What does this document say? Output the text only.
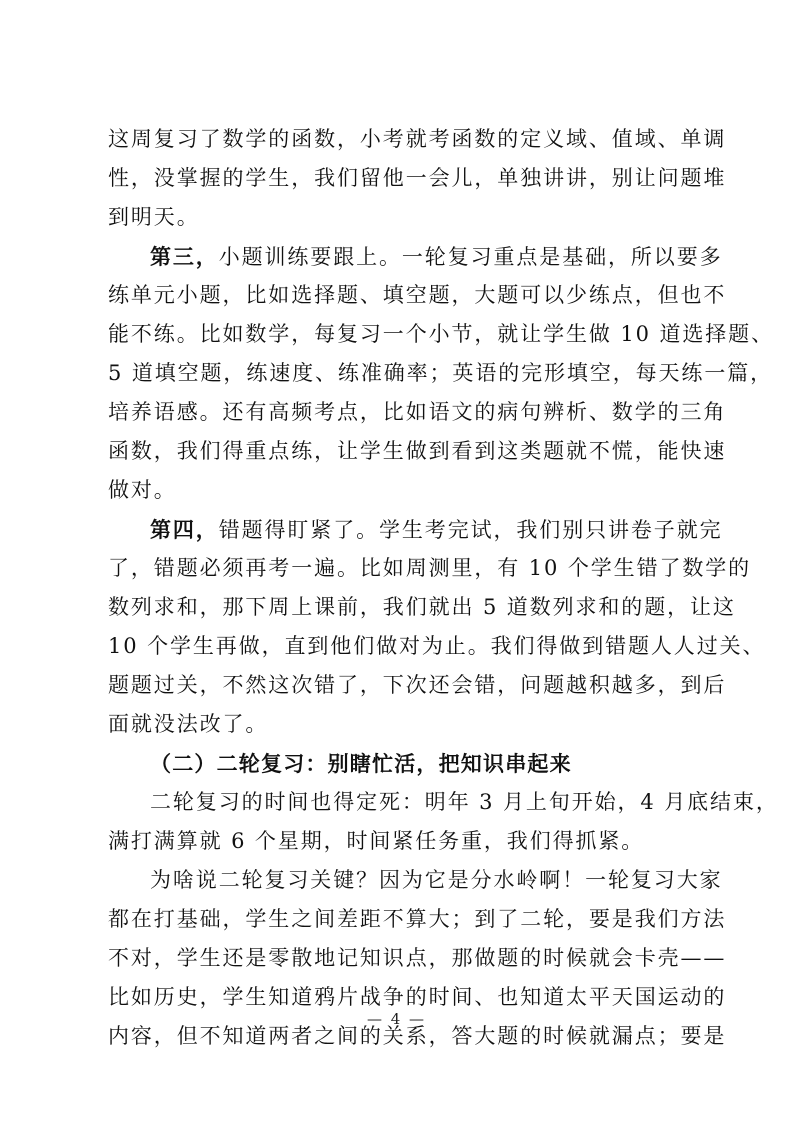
这周复习了数学的函数，小考就考函数的定义域、值域、单调
性，没掌握的学生，我们留他一会儿，单独讲讲，别让问题堆
到明天。
第三，小题训练要跟上。一轮复习重点是基础，所以要多
练单元小题，比如选择题、填空题，大题可以少练点，但也不
能不练。比如数学，每复习一个小节，就让学生做 10 道选择题、
5 道填空题，练速度、练准确率；英语的完形填空，每天练一篇，
培养语感。还有高频考点，比如语文的病句辨析、数学的三角
函数，我们得重点练，让学生做到看到这类题就不慌，能快速
做对。
第四，错题得盯紧了。学生考完试，我们别只讲卷子就完
了，错题必须再考一遍。比如周测里，有 10 个学生错了数学的
数列求和，那下周上课前，我们就出 5 道数列求和的题，让这
10 个学生再做，直到他们做对为止。我们得做到错题人人过关、
题题过关，不然这次错了，下次还会错，问题越积越多，到后
面就没法改了。
（二）二轮复习：别瞎忙活，把知识串起来
二轮复习的时间也得定死：明年 3 月上旬开始，4 月底结束，
满打满算就 6 个星期，时间紧任务重，我们得抓紧。
为啥说二轮复习关键？因为它是分水岭啊！一轮复习大家
都在打基础，学生之间差距不算大；到了二轮，要是我们方法
不对，学生还是零散地记知识点，那做题的时候就会卡壳——
比如历史，学生知道鸦片战争的时间、也知道太平天国运动的
内容，但不知道两者之间的关系，答大题的时候就漏点；要是
— 4 —
